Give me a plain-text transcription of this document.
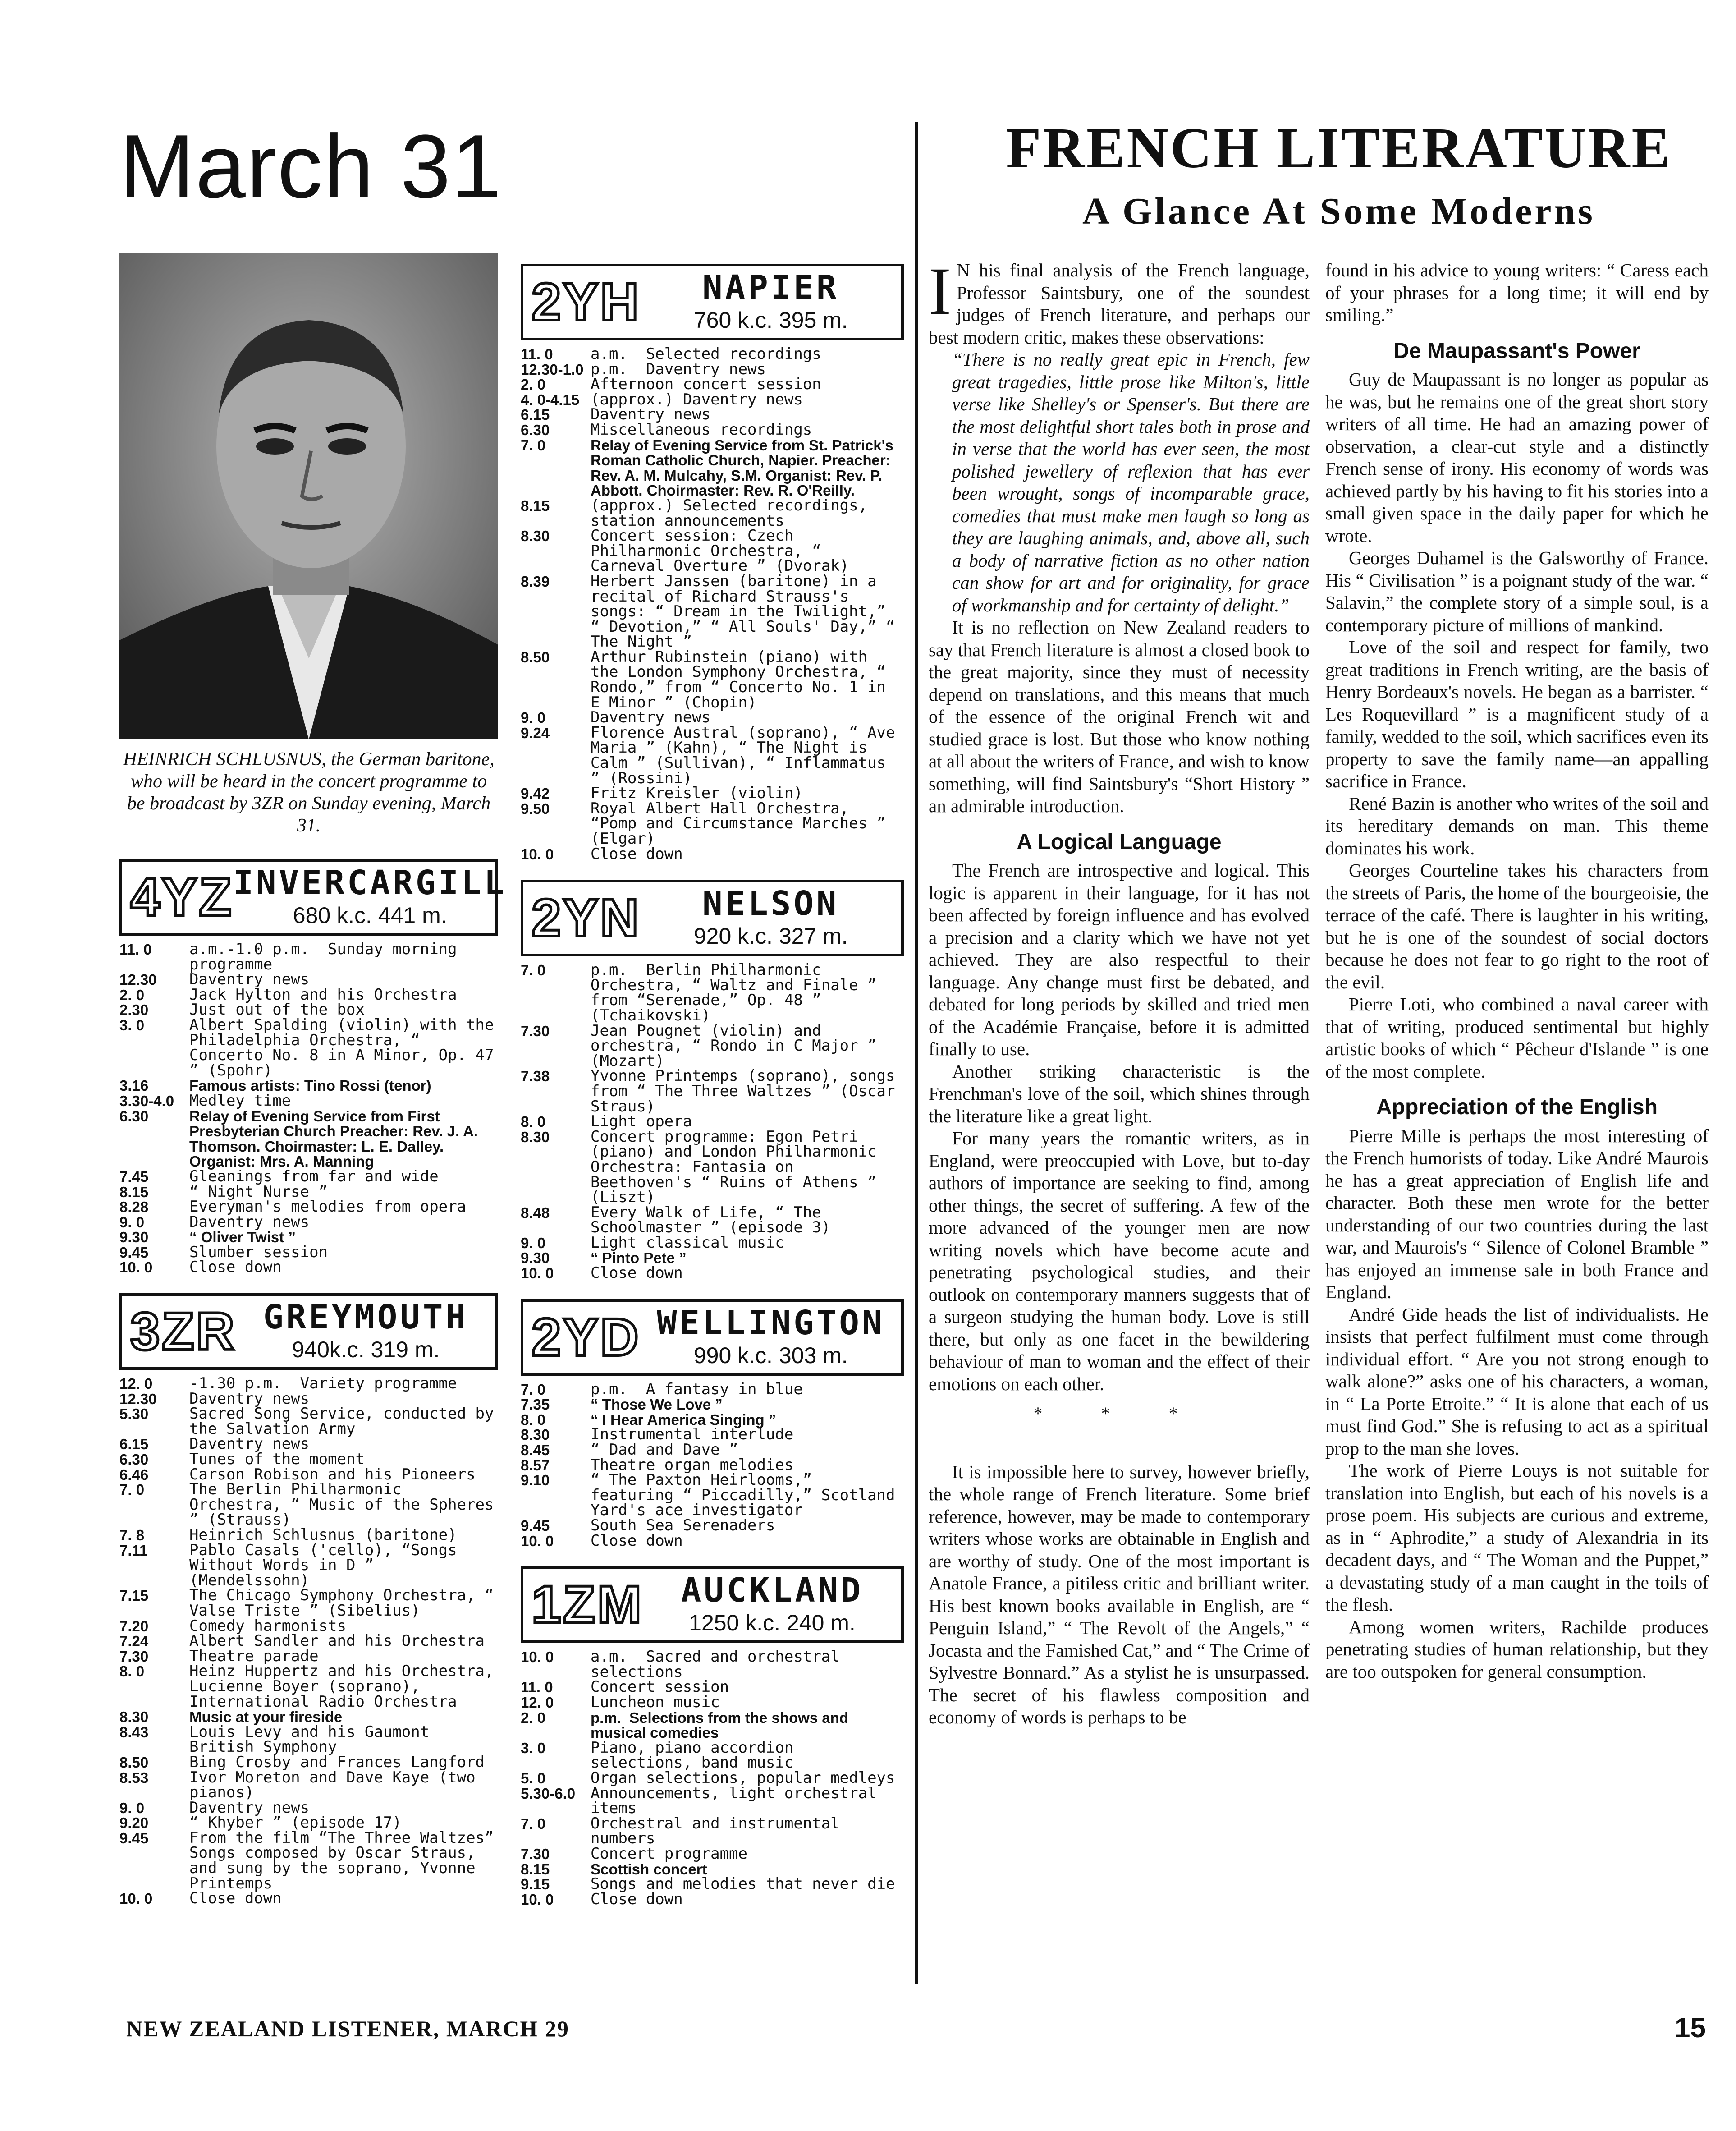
March 31
HEINRICH SCHLUSNUS, the German baritone, who will be heard in the concert programme to be broadcast by 3ZR on Sunday evening, March 31.
4YZ INVERCARGILL
680 k.c. 441 m.
11. 0	a.m.-1.0 p.m.  Sunday morning programme
12.30	Daventry news
2. 0	Jack Hylton and his Orchestra
2.30	Just out of the box
3. 0	Albert Spalding (violin) with the Philadelphia Orchestra, “ Concerto No. 8 in A Minor, Op. 47 ” (Spohr)
3.16	Famous artists: Tino Rossi (tenor)
3.30-4.0 Medley time
6.30	Relay of Evening Service from First Presbyterian Church Preacher: Rev. J. A. Thomson. Choirmaster: L. E. Dalley. Organist: Mrs. A. Manning
7.45	Gleanings from far and wide
8.15	“ Night Nurse ”
8.28	Everyman's melodies from opera
9. 0	Daventry news
9.30	“ Oliver Twist ”
9.45	Slumber session
10. 0	Close down
3ZR GREYMOUTH
940k.c. 319 m.
12. 0	-1.30 p.m.  Variety programme
12.30	Daventry news
5.30	Sacred Song Service, conducted by the Salvation Army
6.15	Daventry news
6.30	Tunes of the moment
6.46	Carson Robison and his Pioneers
7. 0	The Berlin Philharmonic Orchestra, “ Music of the Spheres ” (Strauss)
7. 8	Heinrich Schlusnus (baritone)
7.11	Pablo Casals ('cello), “Songs Without Words in D ” (Mendelssohn)
7.15	The Chicago Symphony Orchestra, “ Valse Triste ” (Sibelius)
7.20	Comedy harmonists
7.24	Albert Sandler and his Orchestra
7.30	Theatre parade
8. 0	Heinz Huppertz and his Orchestra, Lucienne Boyer (soprano), International Radio Orchestra
8.30	Music at your fireside
8.43	Louis Levy and his Gaumont British Symphony
8.50	Bing Crosby and Frances Langford
8.53	Ivor Moreton and Dave Kaye (two pianos)
9. 0	Daventry news
9.20	“ Khyber ” (episode 17)
9.45	From the film “The Three Waltzes” Songs composed by Oscar Straus, and sung by the soprano, Yvonne Printemps
10. 0	Close down
2YH	NAPIER
760 k.c. 395 m.
11. 0	a.m.  Selected recordings
12.30-1.0 p.m.  Daventry news
2. 0	Afternoon concert session
4. 0-4.15 (approx.) Daventry news
6.15	Daventry news
6.30	Miscellaneous recordings
7. 0	Relay of Evening Service from St. Patrick's Roman Catholic Church, Napier. Preacher: Rev. A. M. Mulcahy, S.M. Organist: Rev. P. Abbott. Choirmaster: Rev. R. O'Reilly.
8.15	(approx.) Selected recordings, station announcements
8.30	Concert session: Czech Philharmonic Orchestra, “ Carneval Overture ” (Dvorak)
8.39	Herbert Janssen (baritone) in a recital of Richard Strauss's songs: “ Dream in the Twilight,” “ Devotion,” “ All Souls' Day,” “ The Night ”
8.50	Arthur Rubinstein (piano) with the London Symphony Orchestra, “ Rondo,” from “ Concerto No. 1 in E Minor ” (Chopin)
9. 0	Daventry news
9.24	Florence Austral (soprano), “ Ave Maria ” (Kahn), “ The Night is Calm ” (Sullivan), “ Inflammatus ” (Rossini)
9.42	Fritz Kreisler (violin)
9.50	Royal Albert Hall Orchestra, “Pomp and Circumstance Marches ” (Elgar)
10. 0	Close down
2YN	NELSON
920 k.c. 327 m.
7. 0	p.m.  Berlin Philharmonic Orchestra, “ Waltz and Finale ” from “Serenade,” Op. 48 ” (Tchaikovski)
7.30	Jean Pougnet (violin) and orchestra, “ Rondo in C Major ” (Mozart)
7.38	Yvonne Printemps (soprano), songs from “ The Three Waltzes ” (Oscar Straus)
8. 0	Light opera
8.30	Concert programme: Egon Petri (piano) and London Philharmonic Orchestra: Fantasia on Beethoven's “ Ruins of Athens ” (Liszt)
8.48	Every Walk of Life, “ The Schoolmaster ” (episode 3)
9. 0	Light classical music
9.30	“ Pinto Pete ”
10. 0	Close down
2YD WELLINGTON
990 k.c. 303 m.
7. 0	p.m.  A fantasy in blue
7.35	“ Those We Love ”
8. 0	“ I Hear America Singing ”
8.30	Instrumental interlude
8.45	“ Dad and Dave ”
8.57	Theatre organ melodies
9.10	“ The Paxton Heirlooms,” featuring “ Piccadilly,” Scotland Yard's ace investigator
9.45	South Sea Serenaders
10. 0	Close down
1ZM	AUCKLAND
1250 k.c. 240 m.
10. 0	a.m.  Sacred and orchestral selections
11. 0	Concert session
12. 0	Luncheon music
2. 0	p.m.  Selections from the shows and musical comedies
3. 0	Piano, piano accordion selections, band music
5. 0	Organ selections, popular medleys
5.30-6.0 Announcements, light orchestral items
7. 0	Orchestral and instrumental numbers
7.30	Concert programme
8.15	Scottish concert
9.15	Songs and melodies that never die
10. 0	Close down
FRENCH LITERATURE
A Glance At Some Moderns

I N his final analysis of the French language, Professor Saintsbury, one of the soundest judges of French literature, and perhaps our best modern critic, makes these observations:

“There is no really great epic in French, few great tragedies, little prose like Milton's, little verse like Shelley's or Spenser's. But there are the most delightful short tales both in prose and in verse that the world has ever seen, the most polished jewellery of reflexion that has ever been wrought, songs of incomparable grace, comedies that must make men laugh so long as they are laughing animals, and, above all, such a body of narrative fiction as no other nation can show for art and for originality, for grace of workmanship and for certainty of delight.”

It is no reflection on New Zealand readers to say that French literature is almost a closed book to the great majority, since they must of necessity depend on translations, and this means that much of the essence of the original French wit and studied grace is lost. But those who know nothing at all about the writers of France, and wish to know something, will find Saintsbury's “Short History ” an admirable introduction.

A Logical Language

The French are introspective and logical. This logic is apparent in their language, for it has not been affected by foreign influence and has evolved a precision and a clarity which we have not yet achieved. They are also respectful to their language. Any change must first be debated, and debated for long periods by skilled and tried men of the Académie Française, before it is admitted finally to use.

Another striking characteristic is the Frenchman's love of the soil, which shines through the literature like a great light.

For many years the romantic writers, as in England, were preoccupied with Love, but to-day authors of importance are seeking to find, among other things, the secret of suffering. A few of the more advanced of the younger men are now writing novels which have become acute and penetrating psychological studies, and their outlook on contemporary manners suggests that of a surgeon studying the human body. Love is still there, but only as one facet in the bewildering behaviour of man to woman and the effect of their emotions on each other.

* * *

It is impossible here to survey, however briefly, the whole range of French literature. Some brief reference, however, may be made to contemporary writers whose works are obtainable in English and are worthy of study. One of the most important is Anatole France, a pitiless critic and brilliant writer. His best known books available in English, are “ Penguin Island,” “ The Revolt of the Angels,” “ Jocasta and the Famished Cat,” and “ The Crime of Sylvestre Bonnard.” As a stylist he is unsurpassed. The secret of his flawless composition and economy of words is perhaps to be

found in his advice to young writers: “ Caress each of your phrases for a long time; it will end by smiling.”

De Maupassant's Power

Guy de Maupassant is no longer as popular as he was, but he remains one of the great short story writers of all time. He had an amazing power of observation, a clear-cut style and a distinctly French sense of irony. His economy of words was achieved partly by his having to fit his stories into a small given space in the daily paper for which he wrote.

Georges Duhamel is the Galsworthy of France. His “ Civilisation ” is a poignant study of the war. “ Salavin,” the complete story of a simple soul, is a contemporary picture of millions of mankind.

Love of the soil and respect for family, two great traditions in French writing, are the basis of Henry Bordeaux's novels. He began as a barrister. “ Les Roquevillard ” is a magnificent study of a family, wedded to the soil, which sacrifices even its property to save the family name—an appalling sacrifice in France.

René Bazin is another who writes of the soil and its hereditary demands on man. This theme dominates his work.

Georges Courteline takes his characters from the streets of Paris, the home of the bourgeoisie, the terrace of the café. There is laughter in his writing, but he is one of the soundest of social doctors because he does not fear to go right to the root of the evil.

Pierre Loti, who combined a naval career with that of writing, produced sentimental but highly artistic books of which “ Pêcheur d'Islande ” is one of the most complete.

Appreciation of the English

Pierre Mille is perhaps the most interesting of the French humorists of today. Like André Maurois he has a great appreciation of English life and character. Both these men wrote for the better understanding of our two countries during the last war, and Maurois's “ Silence of Colonel Bramble ” has enjoyed an immense sale in both France and England.

André Gide heads the list of individualists. He insists that perfect fulfilment must come through individual effort. “ Are you not strong enough to walk alone?” asks one of his characters, a woman, in “ La Porte Etroite.” “ It is alone that each of us must find God.” She is refusing to act as a spiritual prop to the man she loves.

The work of Pierre Louys is not suitable for translation into English, but each of his novels is a prose poem. His subjects are curious and extreme, as in “ Aphrodite,” a study of Alexandria in its decadent days, and “ The Woman and the Puppet,” a devastating study of a man caught in the toils of the flesh.

Among women writers, Rachilde produces penetrating studies of human relationship, but they are too outspoken for general consumption.

NEW ZEALAND LISTENER, MARCH 29	15
